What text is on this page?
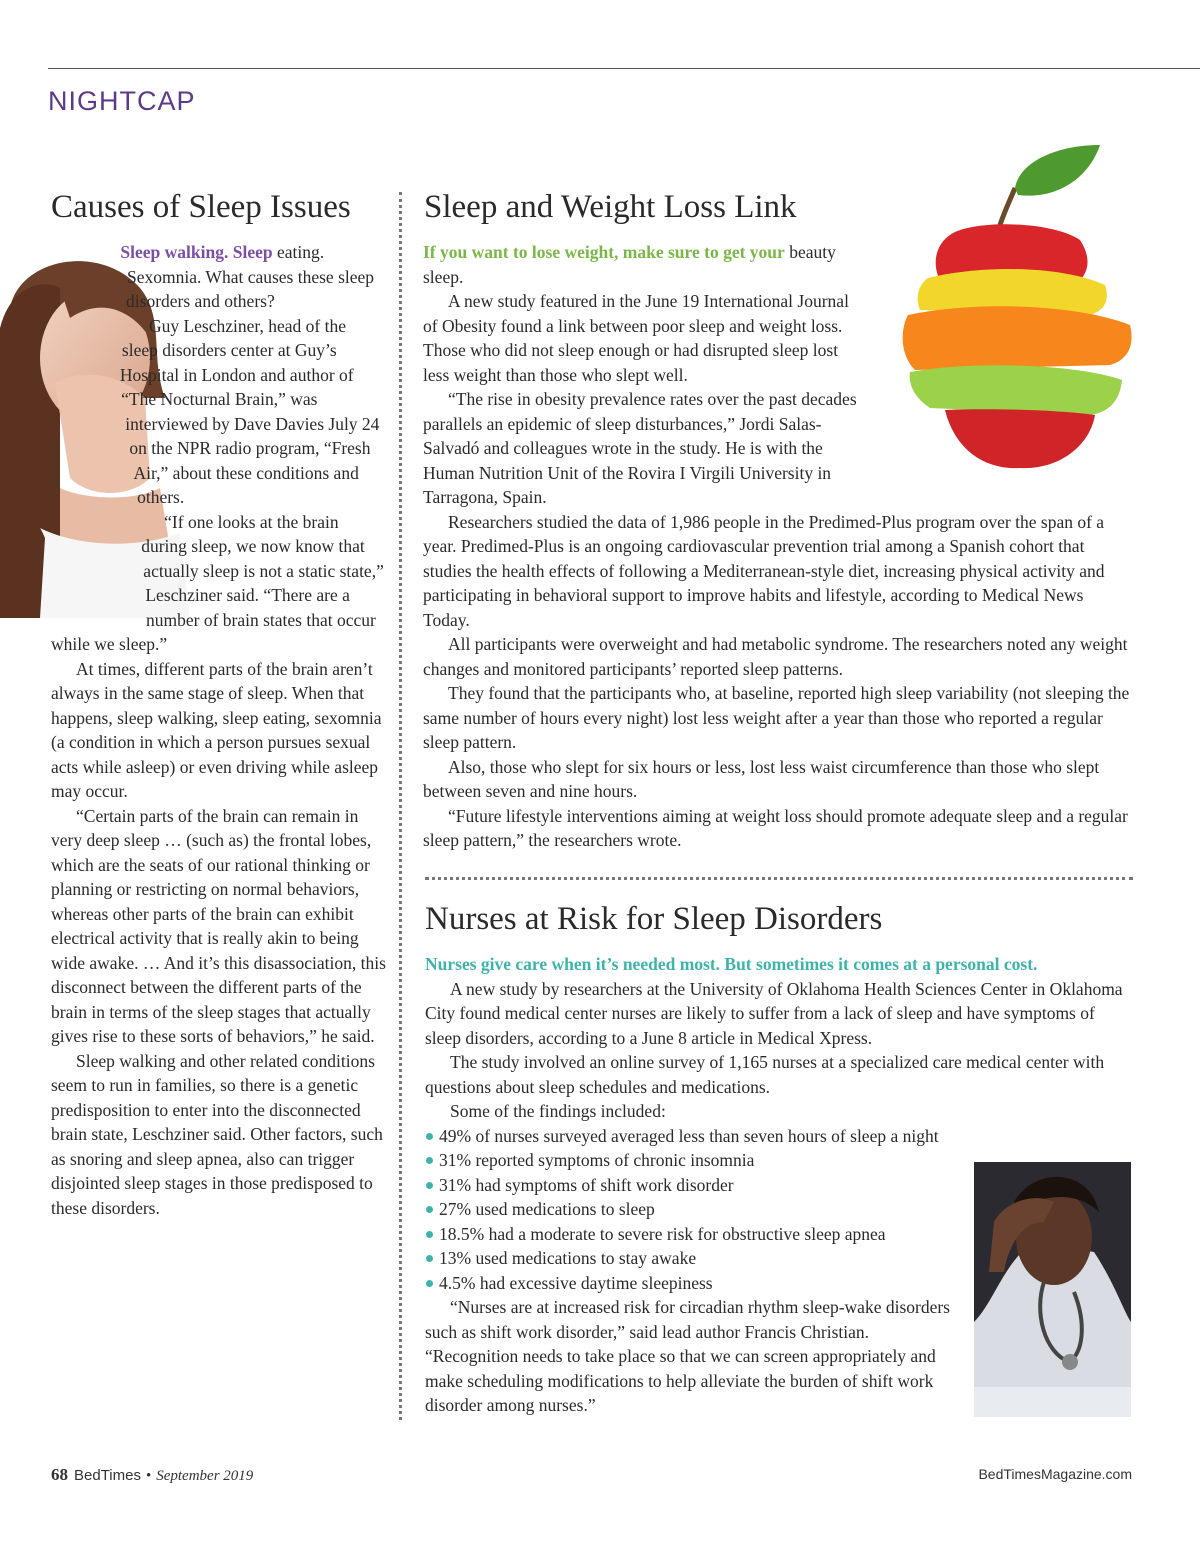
NIGHTCAP
Causes of Sleep Issues

Sleep walking. Sleep eating. Sexomnia. What causes these sleep disorders and others?

Guy Leschziner, head of the sleep disorders center at Guy’s Hospital in London and author of “The Nocturnal Brain,” was interviewed by Dave Davies July 24 on the NPR radio program, “Fresh Air,” about these conditions and others.

“If one looks at the brain during sleep, we now know that actually sleep is not a static state,” Leschziner said. “There are a number of brain states that occur while we sleep.”

At times, different parts of the brain aren’t always in the same stage of sleep. When that happens, sleep walking, sleep eating, sexomnia (a condition in which a person pursues sexual acts while asleep) or even driving while asleep may occur.

“Certain parts of the brain can remain in very deep sleep … (such as) the frontal lobes, which are the seats of our rational thinking or planning or restricting on normal behaviors, whereas other parts of the brain can exhibit electrical activity that is really akin to being wide awake. … And it’s this disassociation, this disconnect between the different parts of the brain in terms of the sleep stages that actually gives rise to these sorts of behaviors,” he said.

Sleep walking and other related conditions seem to run in families, so there is a genetic predisposition to enter into the disconnected brain state, Leschziner said. Other factors, such as snoring and sleep apnea, also can trigger disjointed sleep stages in those predisposed to these disorders.

Sleep and Weight Loss Link

If you want to lose weight, make sure to get your beauty sleep.

A new study featured in the June 19 International Journal of Obesity found a link between poor sleep and weight loss. Those who did not sleep enough or had disrupted sleep lost less weight than those who slept well.

“The rise in obesity prevalence rates over the past decades parallels an epidemic of sleep disturbances,” Jordi Salas-Salvadó and colleagues wrote in the study. He is with the Human Nutrition Unit of the Rovira I Virgili University in Tarragona, Spain.

Researchers studied the data of 1,986 people in the Predimed-Plus program over the span of a year. Predimed-Plus is an ongoing cardiovascular prevention trial among a Spanish cohort that studies the health effects of following a Mediterranean-style diet, increasing physical activity and participating in behavioral support to improve habits and lifestyle, according to Medical News Today.

All participants were overweight and had metabolic syndrome. The researchers noted any weight changes and monitored participants’ reported sleep patterns.

They found that the participants who, at baseline, reported high sleep variability (not sleeping the same number of hours every night) lost less weight after a year than those who reported a regular sleep pattern.

Also, those who slept for six hours or less, lost less waist circumference than those who slept between seven and nine hours.

“Future lifestyle interventions aiming at weight loss should promote adequate sleep and a regular sleep pattern,” the researchers wrote.

Nurses at Risk for Sleep Disorders

Nurses give care when it’s needed most. But sometimes it comes at a personal cost.

A new study by researchers at the University of Oklahoma Health Sciences Center in Oklahoma City found medical center nurses are likely to suffer from a lack of sleep and have symptoms of sleep disorders, according to a June 8 article in Medical Xpress.

The study involved an online survey of 1,165 nurses at a specialized care medical center with questions about sleep schedules and medications.

Some of the findings included:

49% of nurses surveyed averaged less than seven hours of sleep a night
31% reported symptoms of chronic insomnia
31% had symptoms of shift work disorder
27% used medications to sleep
18.5% had a moderate to severe risk for obstructive sleep apnea
13% used medications to stay awake
4.5% had excessive daytime sleepiness

“Nurses are at increased risk for circadian rhythm sleep-wake disorders such as shift work disorder,” said lead author Francis Christian. “Recognition needs to take place so that we can screen appropriately and make scheduling modifications to help alleviate the burden of shift work disorder among nurses.”

68 BedTimes • September 2019	BedTimesMagazine.com
